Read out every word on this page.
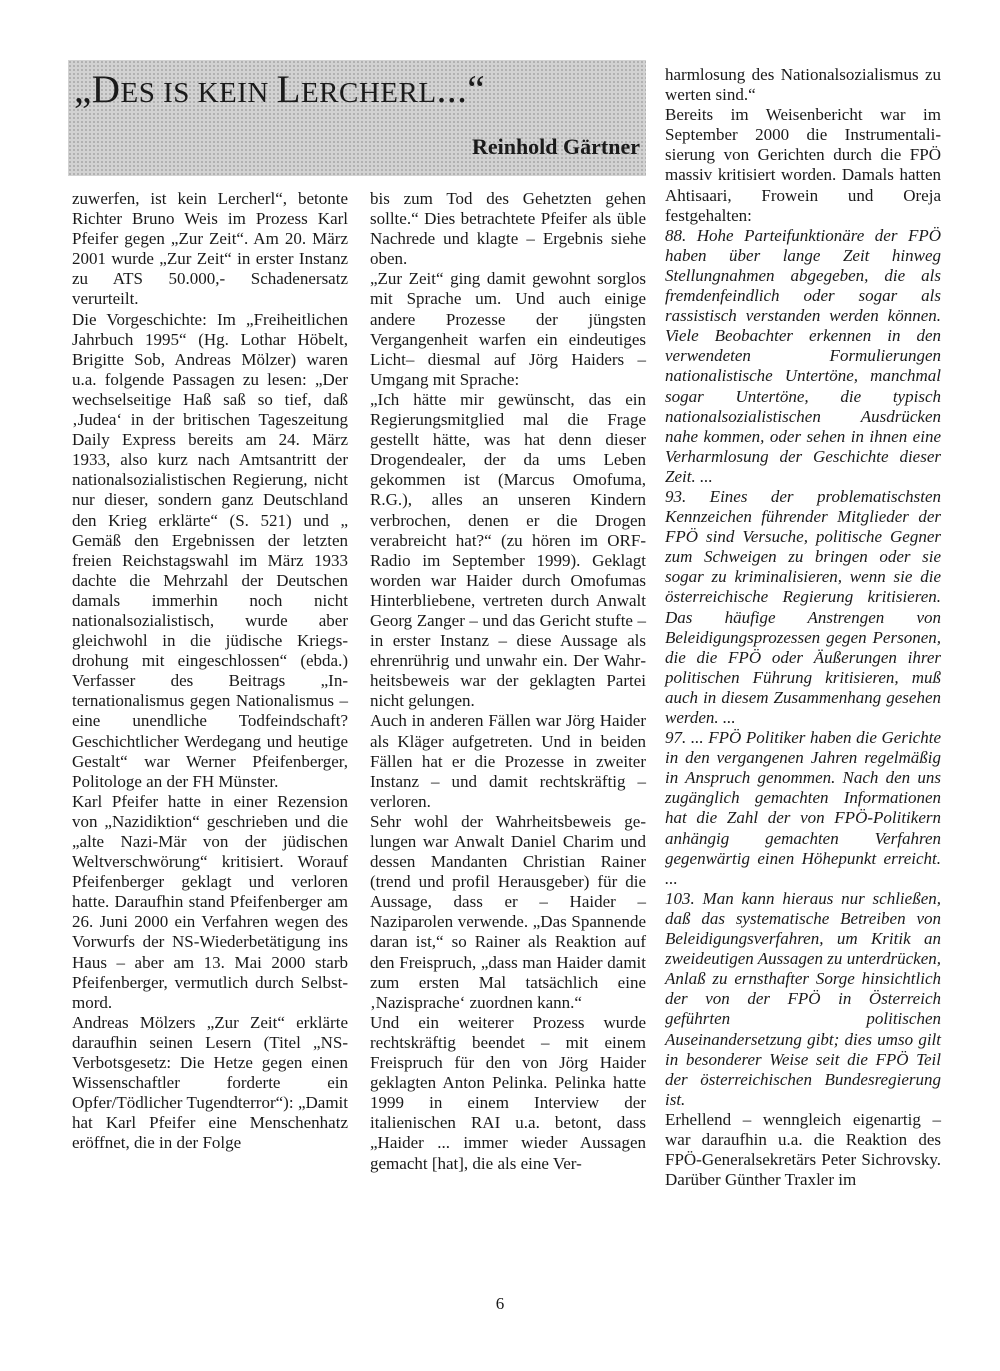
„DES IS KEIN LERCHERL...“
Reinhold Gärtner

zuwerfen, ist kein Lercherl“, betonte Richter Bruno Weis im Prozess Karl Pfeifer gegen „Zur Zeit“. Am 20. März 2001 wurde „Zur Zeit“ in erster Instanz zu ATS 50.000,- Schadenersatz verurteilt.

Die Vorgeschichte: Im „Freiheitlichen Jahrbuch 1995“ (Hg. Lothar Höbelt, Brigitte Sob, Andreas Mölzer) waren u.a. folgende Passagen zu lesen: „Der wechselseitige Haß saß so tief, daß ‚Judea‘ in der britischen Tageszeitung Daily Express bereits am 24. März 1933, also kurz nach Amtsantritt der nationalsozialistischen Regierung, nicht nur dieser, sondern ganz Deutschland den Krieg erklärte“ (S. 521) und „ Gemäß den Ergebnissen der letzten freien Reichstagswahl im März 1933 dachte die Mehrzahl der Deutschen damals immerhin noch nicht nationalsozialistisch, wurde aber gleichwohl in die jüdische Kriegsdrohung mit eingeschlossen“ (ebda.) Verfasser des Beitrags „Internationalismus gegen Nationalismus – eine unendliche Todfeindschaft? Geschichtlicher Werdegang und heutige Gestalt“ war Werner Pfeifenberger, Politologe an der FH Münster.

Karl Pfeifer hatte in einer Rezension von „Nazidiktion“ geschrieben und die „alte Nazi-Mär von der jüdischen Weltverschwörung“ kritisiert. Worauf Pfeifenberger geklagt und verloren hatte. Daraufhin stand Pfeifenberger am 26. Juni 2000 ein Verfahren wegen des Vorwurfs der NS-Wiederbetätigung ins Haus – aber am 13. Mai 2000 starb Pfeifenberger, vermutlich durch Selbstmord.

Andreas Mölzers „Zur Zeit“ erklärte daraufhin seinen Lesern (Titel „NS-Verbotsgesetz: Die Hetze gegen einen Wissenschaftler forderte ein Opfer/Tödlicher Tugendterror“): „Damit hat Karl Pfeifer eine Menschenhatz eröffnet, die in der Folge

bis zum Tod des Gehetzten gehen sollte.“ Dies betrachtete Pfeifer als üble Nachrede und klagte – Ergebnis siehe oben.

„Zur Zeit“ ging damit gewohnt sorglos mit Sprache um. Und auch einige andere Prozesse der jüngsten Vergangenheit warfen ein eindeutiges Licht– diesmal auf Jörg Haiders – Umgang mit Sprache:

„Ich hätte mir gewünscht, das ein Regierungsmitglied mal die Frage gestellt hätte, was hat denn dieser Drogendealer, der da ums Leben gekommen ist (Marcus Omofuma, R.G.), alles an unseren Kindern verbrochen, denen er die Drogen verabreicht hat?“ (zu hören im ORF-Radio im September 1999). Geklagt worden war Haider durch Omofumas Hinterbliebene, vertreten durch Anwalt Georg Zanger – und das Gericht stufte – in erster Instanz – diese Aussage als ehrenrührig und unwahr ein. Der Wahrheitsbeweis war der geklagten Partei nicht gelungen.

Auch in anderen Fällen war Jörg Haider als Kläger aufgetreten. Und in beiden Fällen hat er die Prozesse in zweiter Instanz – und damit rechtskräftig – verloren.

Sehr wohl der Wahrheitsbeweis gelungen war Anwalt Daniel Charim und dessen Mandanten Christian Rainer (trend und profil Herausgeber) für die Aussage, dass er – Haider – Naziparolen verwende. „Das Spannende daran ist,“ so Rainer als Reaktion auf den Freispruch, „dass man Haider damit zum ersten Mal tatsächlich eine ‚Nazisprache‘ zuordnen kann.“

Und ein weiterer Prozess wurde rechtskräftig beendet – mit einem Freispruch für den von Jörg Haider geklagten Anton Pelinka. Pelinka hatte 1999 in einem Interview der italienischen RAI u.a. betont, dass „Haider ... immer wieder Aussagen gemacht [hat], die als eine Ver-

harmlosung des Nationalsozialismus zu werten sind.“

Bereits im Weisenbericht war im September 2000 die Instrumentalisierung von Gerichten durch die FPÖ massiv kritisiert worden. Damals hatten Ahtisaari, Frowein und Oreja festgehalten:

88. Hohe Parteifunktionäre der FPÖ haben über lange Zeit hinweg Stellungnahmen abgegeben, die als fremdenfeindlich oder sogar als rassistisch verstanden werden können. Viele Beobachter erkennen in den verwendeten Formulierungen nationalistische Untertöne, manchmal sogar Untertöne, die typisch nationalsozialistischen Ausdrücken nahe kommen, oder sehen in ihnen eine Verharmlosung der Geschichte dieser Zeit. ...

93. Eines der problematischsten Kennzeichen führender Mitglieder der FPÖ sind Versuche, politische Gegner zum Schweigen zu bringen oder sie sogar zu kriminalisieren, wenn sie die österreichische Regierung kritisieren. Das häufige Anstrengen von Beleidigungsprozessen gegen Personen, die die FPÖ oder Äußerungen ihrer politischen Führung kritisieren, muß auch in diesem Zusammenhang gesehen werden. ...

97. ... FPÖ Politiker haben die Gerichte in den vergangenen Jahren regelmäßig in Anspruch genommen. Nach den uns zugänglich gemachten Informationen hat die Zahl der von FPÖ-Politikern anhängig gemachten Verfahren gegenwärtig einen Höhepunkt erreicht. ...

103. Man kann hieraus nur schließen, daß das systematische Betreiben von Beleidigungsverfahren, um Kritik an zweideutigen Aussagen zu unterdrücken, Anlaß zu ernsthafter Sorge hinsichtlich der von der FPÖ in Österreich geführten politischen Auseinandersetzung gibt; dies umso gilt in besonderer Weise seit die FPÖ Teil der österreichischen Bundesregierung ist.

Erhellend – wenngleich eigenartig – war daraufhin u.a. die Reaktion des FPÖ-Generalsekretärs Peter Sichrovsky. Darüber Günther Traxler im

6
